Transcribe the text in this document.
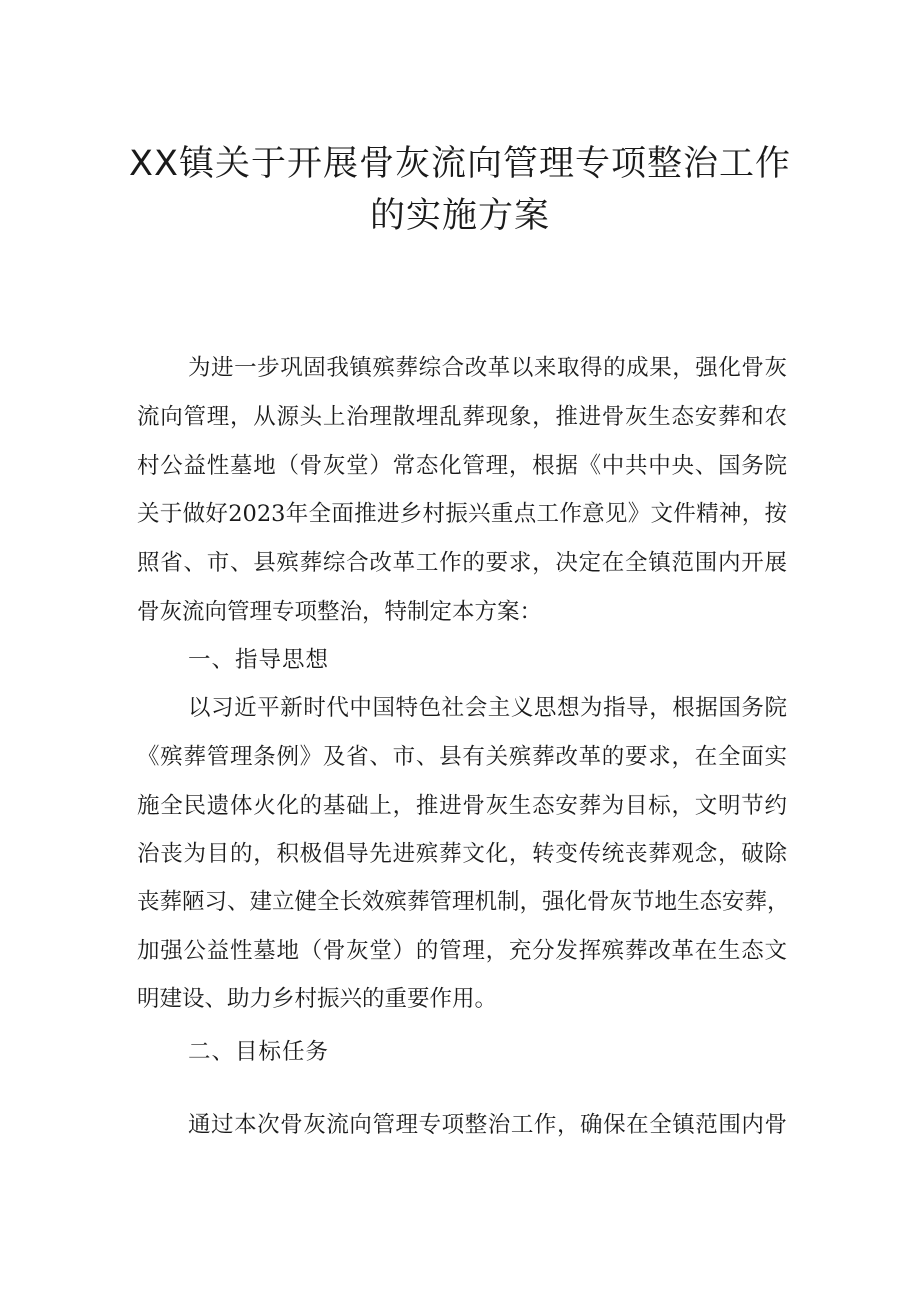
XX镇关于开展骨灰流向管理专项整治工作
的实施方案
为进一步巩固我镇殡葬综合改革以来取得的成果，强化骨灰
流向管理，从源头上治理散埋乱葬现象，推进骨灰生态安葬和农
村公益性墓地（骨灰堂）常态化管理，根据《中共中央、国务院
关于做好2023年全面推进乡村振兴重点工作意见》文件精神，按
照省、市、县殡葬综合改革工作的要求，决定在全镇范围内开展
骨灰流向管理专项整治，特制定本方案：
一、指导思想
以习近平新时代中国特色社会主义思想为指导，根据国务院
《殡葬管理条例》及省、市、县有关殡葬改革的要求，在全面实
施全民遗体火化的基础上，推进骨灰生态安葬为目标，文明节约
治丧为目的，积极倡导先进殡葬文化，转变传统丧葬观念，破除
丧葬陋习、建立健全长效殡葬管理机制，强化骨灰节地生态安葬，
加强公益性墓地（骨灰堂）的管理，充分发挥殡葬改革在生态文
明建设、助力乡村振兴的重要作用。
二、目标任务
通过本次骨灰流向管理专项整治工作，确保在全镇范围内骨
